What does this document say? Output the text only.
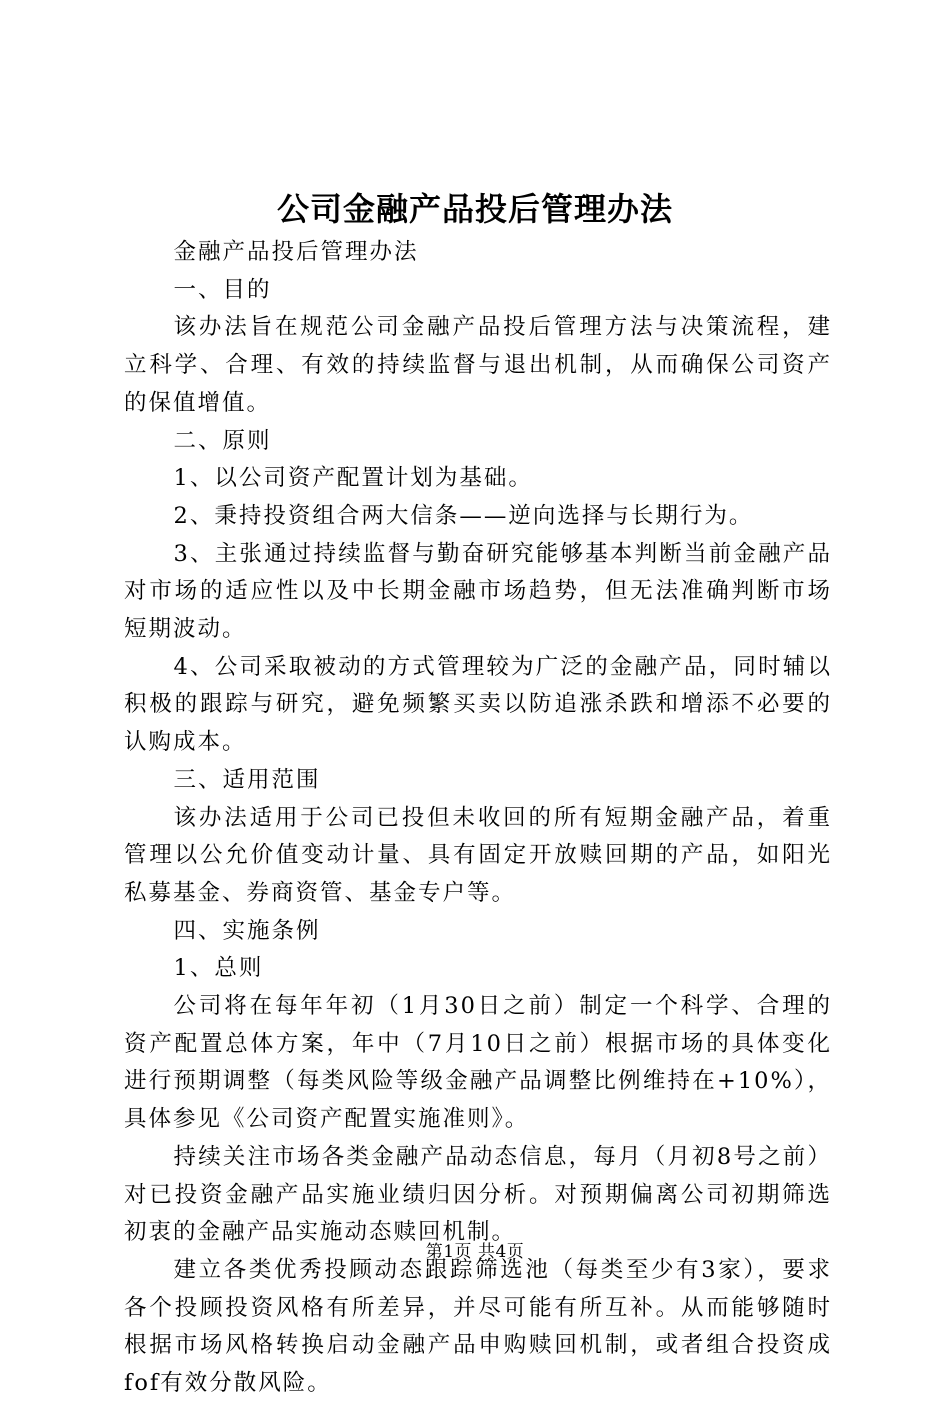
公司金融产品投后管理办法

金融产品投后管理办法

一、目的

该办法旨在规范公司金融产品投后管理方法与决策流程，建立科学、合理、有效的持续监督与退出机制，从而确保公司资产的保值增值。

二、原则

1、以公司资产配置计划为基础。

2、秉持投资组合两大信条——逆向选择与长期行为。

3、主张通过持续监督与勤奋研究能够基本判断当前金融产品对市场的适应性以及中长期金融市场趋势，但无法准确判断市场短期波动。

4、公司采取被动的方式管理较为广泛的金融产品，同时辅以积极的跟踪与研究，避免频繁买卖以防追涨杀跌和增添不必要的认购成本。

三、适用范围

该办法适用于公司已投但未收回的所有短期金融产品，着重管理以公允价值变动计量、具有固定开放赎回期的产品，如阳光私募基金、券商资管、基金专户等。

四、实施条例

1、总则

公司将在每年年初（1月30日之前）制定一个科学、合理的资产配置总体方案，年中（7月10日之前）根据市场的具体变化进行预期调整（每类风险等级金融产品调整比例维持在+10%），具体参见《公司资产配置实施准则》。

持续关注市场各类金融产品动态信息，每月（月初8号之前）对已投资金融产品实施业绩归因分析。对预期偏离公司初期筛选初衷的金融产品实施动态赎回机制。

建立各类优秀投顾动态跟踪筛选池（每类至少有3家），要求各个投顾投资风格有所差异，并尽可能有所互补。从而能够随时根据市场风格转换启动金融产品申购赎回机制，或者组合投资成fof有效分散风险。

第1页 共4页
